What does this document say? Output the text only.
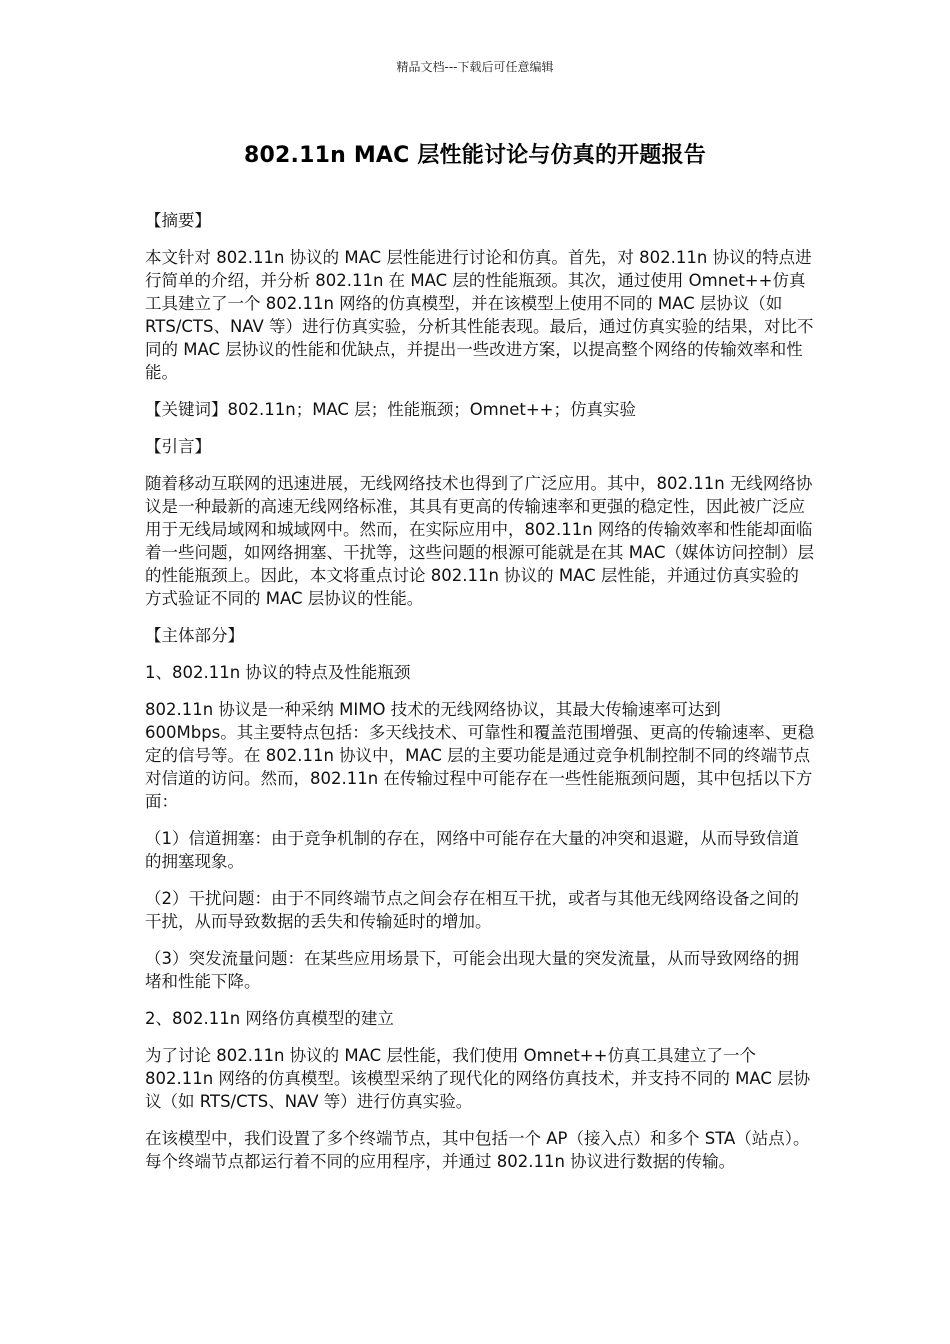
精品文档---下载后可任意编辑
802.11n MAC 层性能讨论与仿真的开题报告

【摘要】

本文针对 802.11n 协议的 MAC 层性能进行讨论和仿真。首先，对 802.11n 协议的特点进行简单的介绍，并分析 802.11n 在 MAC 层的性能瓶颈。其次，通过使用 Omnet++仿真工具建立了一个 802.11n 网络的仿真模型，并在该模型上使用不同的 MAC 层协议（如 RTS/CTS、NAV 等）进行仿真实验，分析其性能表现。最后，通过仿真实验的结果，对比不同的 MAC 层协议的性能和优缺点，并提出一些改进方案，以提高整个网络的传输效率和性能。

【关键词】802.11n；MAC 层；性能瓶颈；Omnet++；仿真实验

【引言】

随着移动互联网的迅速进展，无线网络技术也得到了广泛应用。其中，802.11n 无线网络协议是一种最新的高速无线网络标准，其具有更高的传输速率和更强的稳定性，因此被广泛应用于无线局域网和城域网中。然而，在实际应用中，802.11n 网络的传输效率和性能却面临着一些问题，如网络拥塞、干扰等，这些问题的根源可能就是在其 MAC（媒体访问控制）层的性能瓶颈上。因此，本文将重点讨论 802.11n 协议的 MAC 层性能，并通过仿真实验的方式验证不同的 MAC 层协议的性能。

【主体部分】

1、802.11n 协议的特点及性能瓶颈

802.11n 协议是一种采纳 MIMO 技术的无线网络协议，其最大传输速率可达到 600Mbps。其主要特点包括：多天线技术、可靠性和覆盖范围增强、更高的传输速率、更稳定的信号等。在 802.11n 协议中，MAC 层的主要功能是通过竞争机制控制不同的终端节点对信道的访问。然而，802.11n 在传输过程中可能存在一些性能瓶颈问题，其中包括以下方面：

（1）信道拥塞：由于竞争机制的存在，网络中可能存在大量的冲突和退避，从而导致信道的拥塞现象。

（2）干扰问题：由于不同终端节点之间会存在相互干扰，或者与其他无线网络设备之间的干扰，从而导致数据的丢失和传输延时的增加。

（3）突发流量问题：在某些应用场景下，可能会出现大量的突发流量，从而导致网络的拥堵和性能下降。

2、802.11n 网络仿真模型的建立

为了讨论 802.11n 协议的 MAC 层性能，我们使用 Omnet++仿真工具建立了一个 802.11n 网络的仿真模型。该模型采纳了现代化的网络仿真技术，并支持不同的 MAC 层协议（如 RTS/CTS、NAV 等）进行仿真实验。

在该模型中，我们设置了多个终端节点，其中包括一个 AP（接入点）和多个 STA（站点）。每个终端节点都运行着不同的应用程序，并通过 802.11n 协议进行数据的传输。
